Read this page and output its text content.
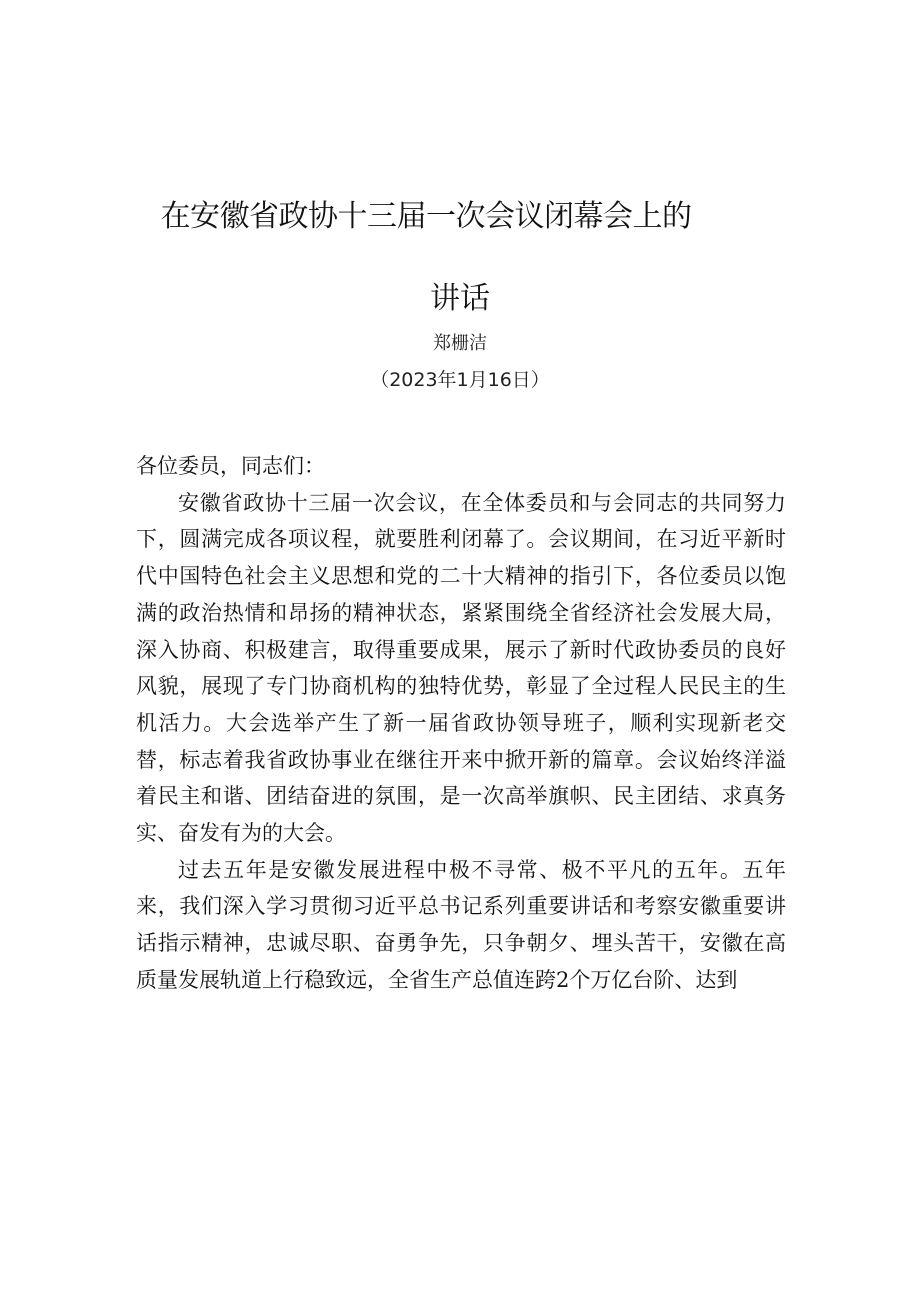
在安徽省政协十三届一次会议闭幕会上的
讲话
郑栅洁
（2023年1月16日）

各位委员，同志们：

安徽省政协十三届一次会议，在全体委员和与会同志的共同努力下，圆满完成各项议程，就要胜利闭幕了。会议期间，在习近平新时代中国特色社会主义思想和党的二十大精神的指引下，各位委员以饱满的政治热情和昂扬的精神状态，紧紧围绕全省经济社会发展大局，深入协商、积极建言，取得重要成果，展示了新时代政协委员的良好风貌，展现了专门协商机构的独特优势，彰显了全过程人民民主的生机活力。大会选举产生了新一届省政协领导班子，顺利实现新老交替，标志着我省政协事业在继往开来中掀开新的篇章。会议始终洋溢着民主和谐、团结奋进的氛围，是一次高举旗帜、民主团结、求真务实、奋发有为的大会。

过去五年是安徽发展进程中极不寻常、极不平凡的五年。五年来，我们深入学习贯彻习近平总书记系列重要讲话和考察安徽重要讲话指示精神，忠诚尽职、奋勇争先，只争朝夕、埋头苦干，安徽在高质量发展轨道上行稳致远，全省生产总值连跨2个万亿台阶、达到
